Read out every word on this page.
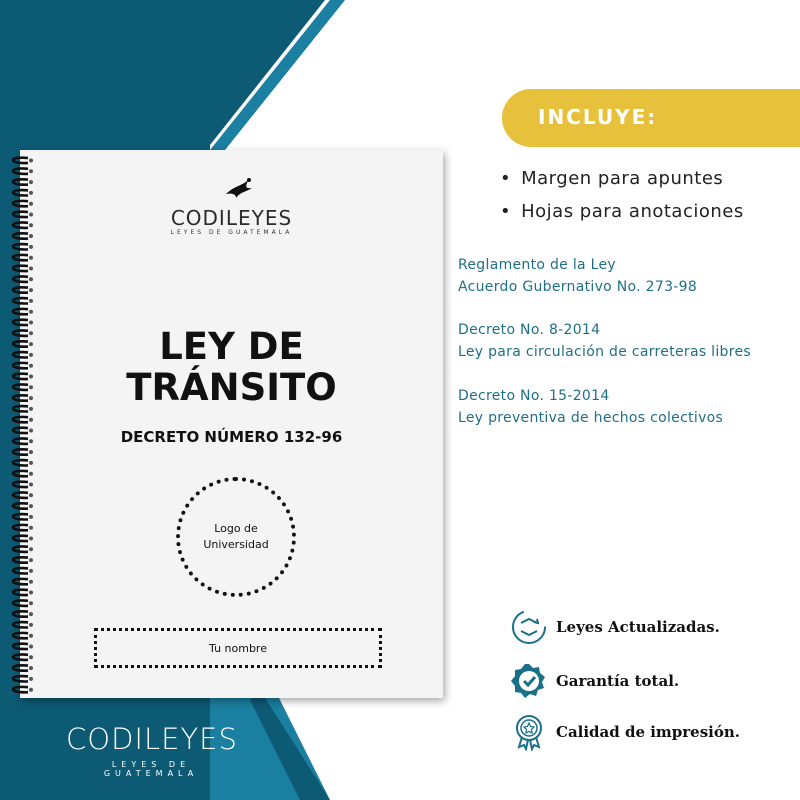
CODILEYES
LEYES DE GUATEMALA
LEY DE
TRÁNSITO
DECRETO NÚMERO 132-96
Logo de
Universidad
Tu nombre
CODILEYES
LEYES DE GUATEMALA
INCLUYE:
• Margen para apuntes
• Hojas para anotaciones
Reglamento de la Ley
Acuerdo Gubernativo No. 273-98
Decreto No. 8-2014
Ley para circulación de carreteras libres
Decreto No. 15-2014
Ley preventiva de hechos colectivos
Leyes Actualizadas.
Garantía total.
Calidad de impresión.
